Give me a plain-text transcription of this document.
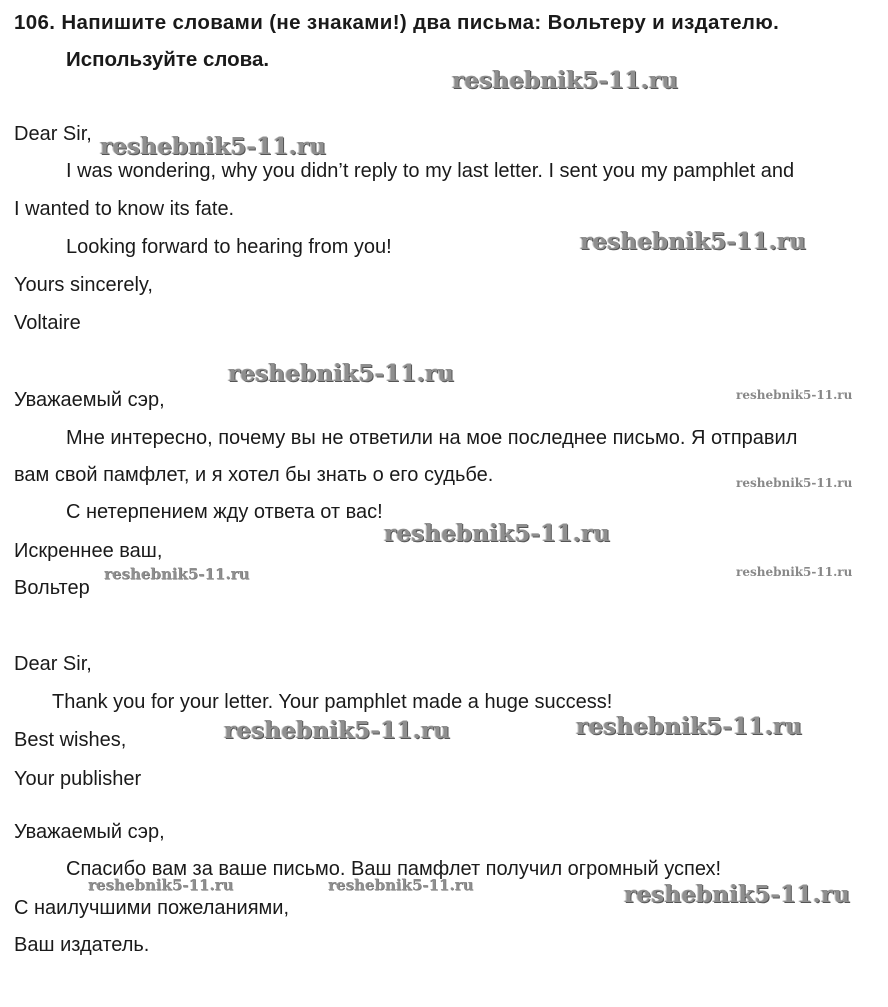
106. Напишите словами (не знаками!) два письма: Вольтеру и издателю.
Используйте слова.
Dear Sir,
I was wondering, why you didn’t reply to my last letter. I sent you my pamphlet and
I wanted to know its fate.
Looking forward to hearing from you!
Yours sincerely,
Voltaire
Уважаемый сэр,
Мне интересно, почему вы не ответили на мое последнее письмо. Я отправил
вам свой памфлет, и я хотел бы знать о его судьбе.
С нетерпением жду ответа от вас!
Искреннее ваш,
Вольтер
Dear Sir,
Thank you for your letter. Your pamphlet made a huge success!
Best wishes,
Your publisher
Уважаемый сэр,
Спасибо вам за ваше письмо. Ваш памфлет получил огромный успех!
С наилучшими пожеланиями,
Ваш издатель.
reshebnik5-11.ru
reshebnik5-11.ru
reshebnik5-11.ru
reshebnik5-11.ru
reshebnik5-11.ru
reshebnik5-11.ru
reshebnik5-11.ru
reshebnik5-11.ru	reshebnik5-11.ru
reshebnik5-11.ru
reshebnik5-11.ru
reshebnik5-11.ru	reshebnik5-11.ru	reshebnik5-11.ru
